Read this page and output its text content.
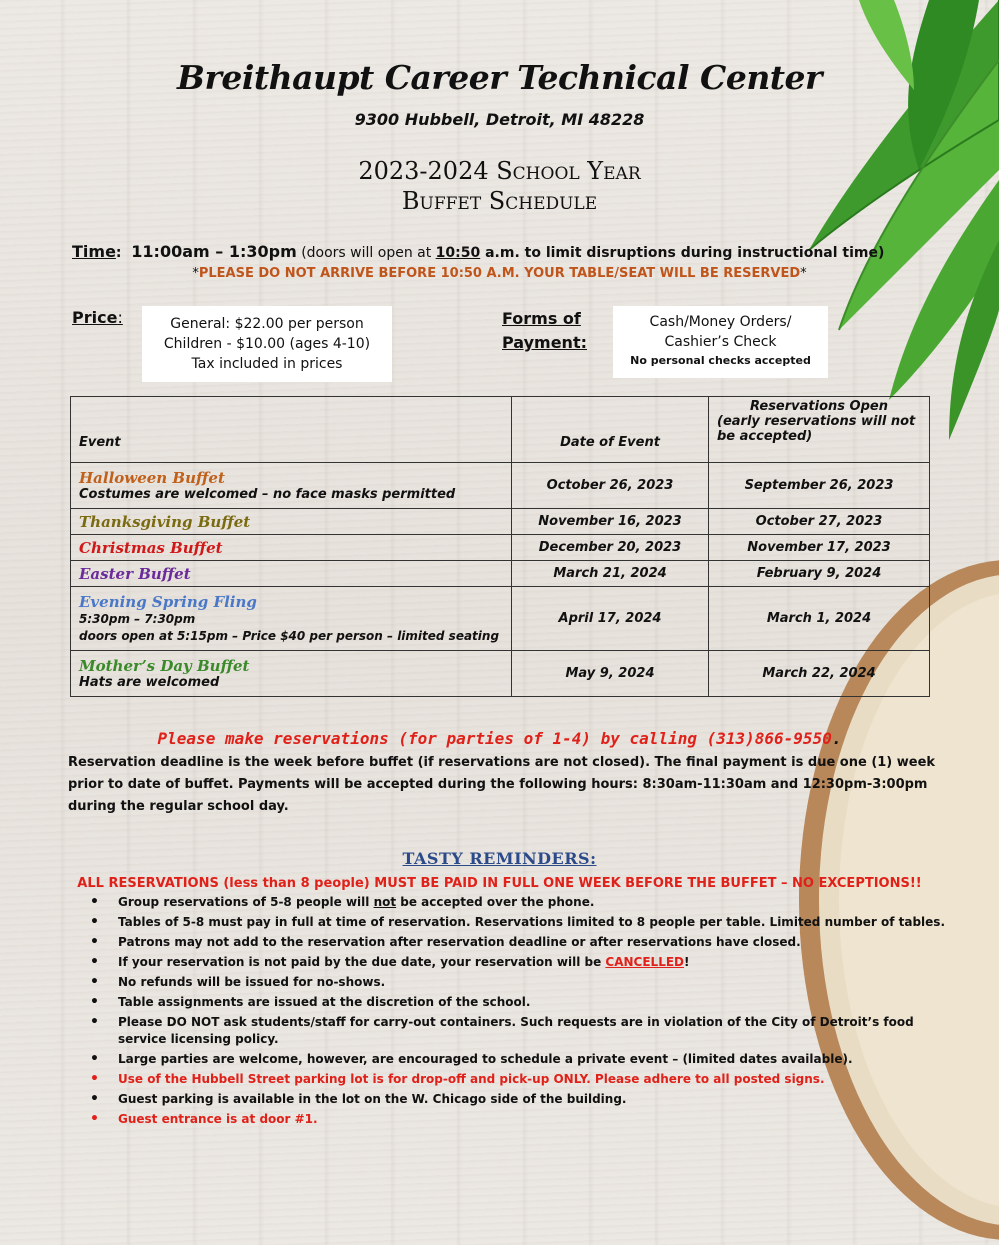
Breithaupt Career Technical Center
9300 Hubbell, Detroit, MI 48228
2023-2024 School Year
Buffet Schedule
Time:  11:00am – 1:30pm (doors will open at 10:50 a.m. to limit disruptions during instructional time)
*PLEASE DO NOT ARRIVE BEFORE 10:50 A.M. YOUR TABLE/SEAT WILL BE RESERVED*
Price:	General: $22.00 per person
Children - $10.00 (ages 4-10)
Tax included in prices
Forms of
Payment:
Cash/Money Orders/
Cashier’s Check
No personal checks accepted
Event	Date of Event	Reservations Open
(early reservations will not be accepted)

Halloween Buffet
Costumes are welcomed – no face masks permitted	October 26, 2023	September 26, 2023

Thanksgiving Buffet	November 16, 2023	October 27, 2023

Christmas Buffet	December 20, 2023	November 17, 2023

Easter Buffet	March 21, 2024	February 9, 2024

Evening Spring Fling
5:30pm – 7:30pm
doors open at 5:15pm – Price $40 per person – limited seating	April 17, 2024	March 1, 2024

Mother’s Day Buffet
Hats are welcomed	May 9, 2024	March 22, 2024
Please make reservations (for parties of 1-4) by calling (313)866-9550.
Reservation deadline is the week before buffet (if reservations are not closed). The final payment is due one (1) week prior to date of buffet. Payments will be accepted during the following hours: 8:30am-11:30am and 12:30pm-3:00pm during the regular school day.
TASTY REMINDERS:
ALL RESERVATIONS (less than 8 people) MUST BE PAID IN FULL ONE WEEK BEFORE THE BUFFET – NO EXCEPTIONS!!
• Group reservations of 5-8 people will not be accepted over the phone.
• Tables of 5-8 must pay in full at time of reservation. Reservations limited to 8 people per table. Limited number of tables.
• Patrons may not add to the reservation after reservation deadline or after reservations have closed.
• If your reservation is not paid by the due date, your reservation will be CANCELLED!
• No refunds will be issued for no-shows.
• Table assignments are issued at the discretion of the school.
• Please DO NOT ask students/staff for carry-out containers. Such requests are in violation of the City of Detroit’s food service licensing policy.
• Large parties are welcome, however, are encouraged to schedule a private event – (limited dates available).
• Use of the Hubbell Street parking lot is for drop-off and pick-up ONLY. Please adhere to all posted signs.
• Guest parking is available in the lot on the W. Chicago side of the building.
• Guest entrance is at door #1.
